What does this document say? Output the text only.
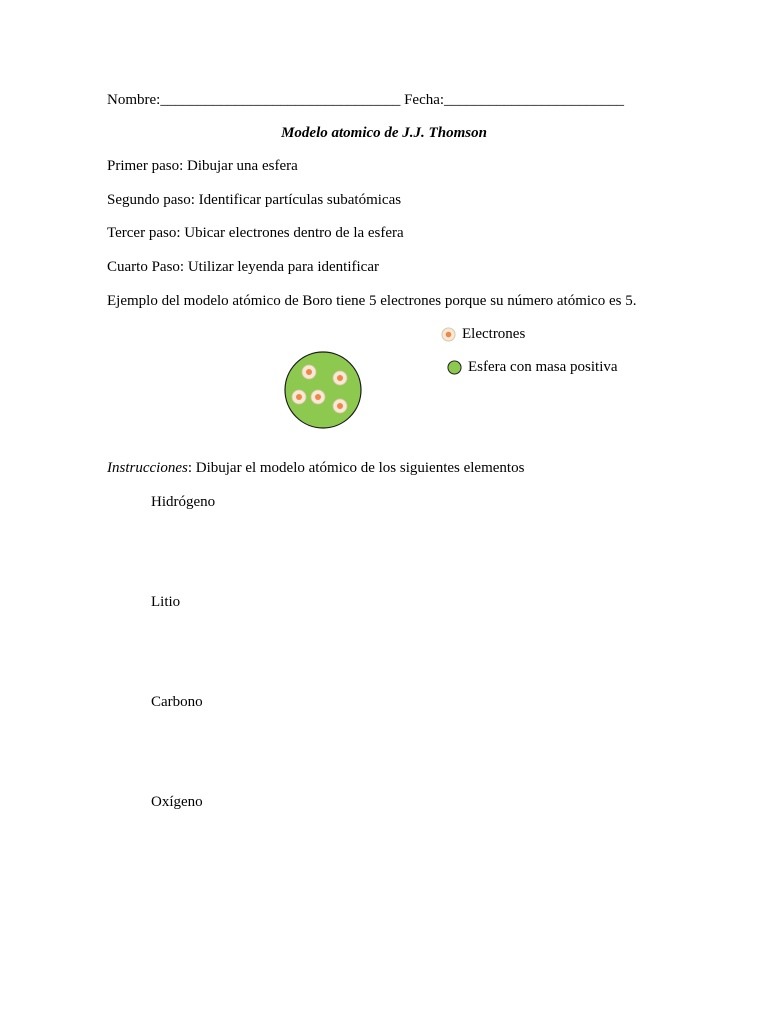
Nombre:________________________________ Fecha:________________________
Modelo atomico de J.J. Thomson
Primer paso: Dibujar una esfera
Segundo paso: Identificar partículas subatómicas
Tercer paso: Ubicar electrones dentro de la esfera
Cuarto Paso: Utilizar leyenda para identificar
Ejemplo del modelo atómico de Boro tiene 5 electrones porque su número atómico es 5.
Electrones
Esfera con masa positiva
Instrucciones: Dibujar el modelo atómico de los siguientes elementos
Hidrógeno
Litio
Carbono
Oxígeno
